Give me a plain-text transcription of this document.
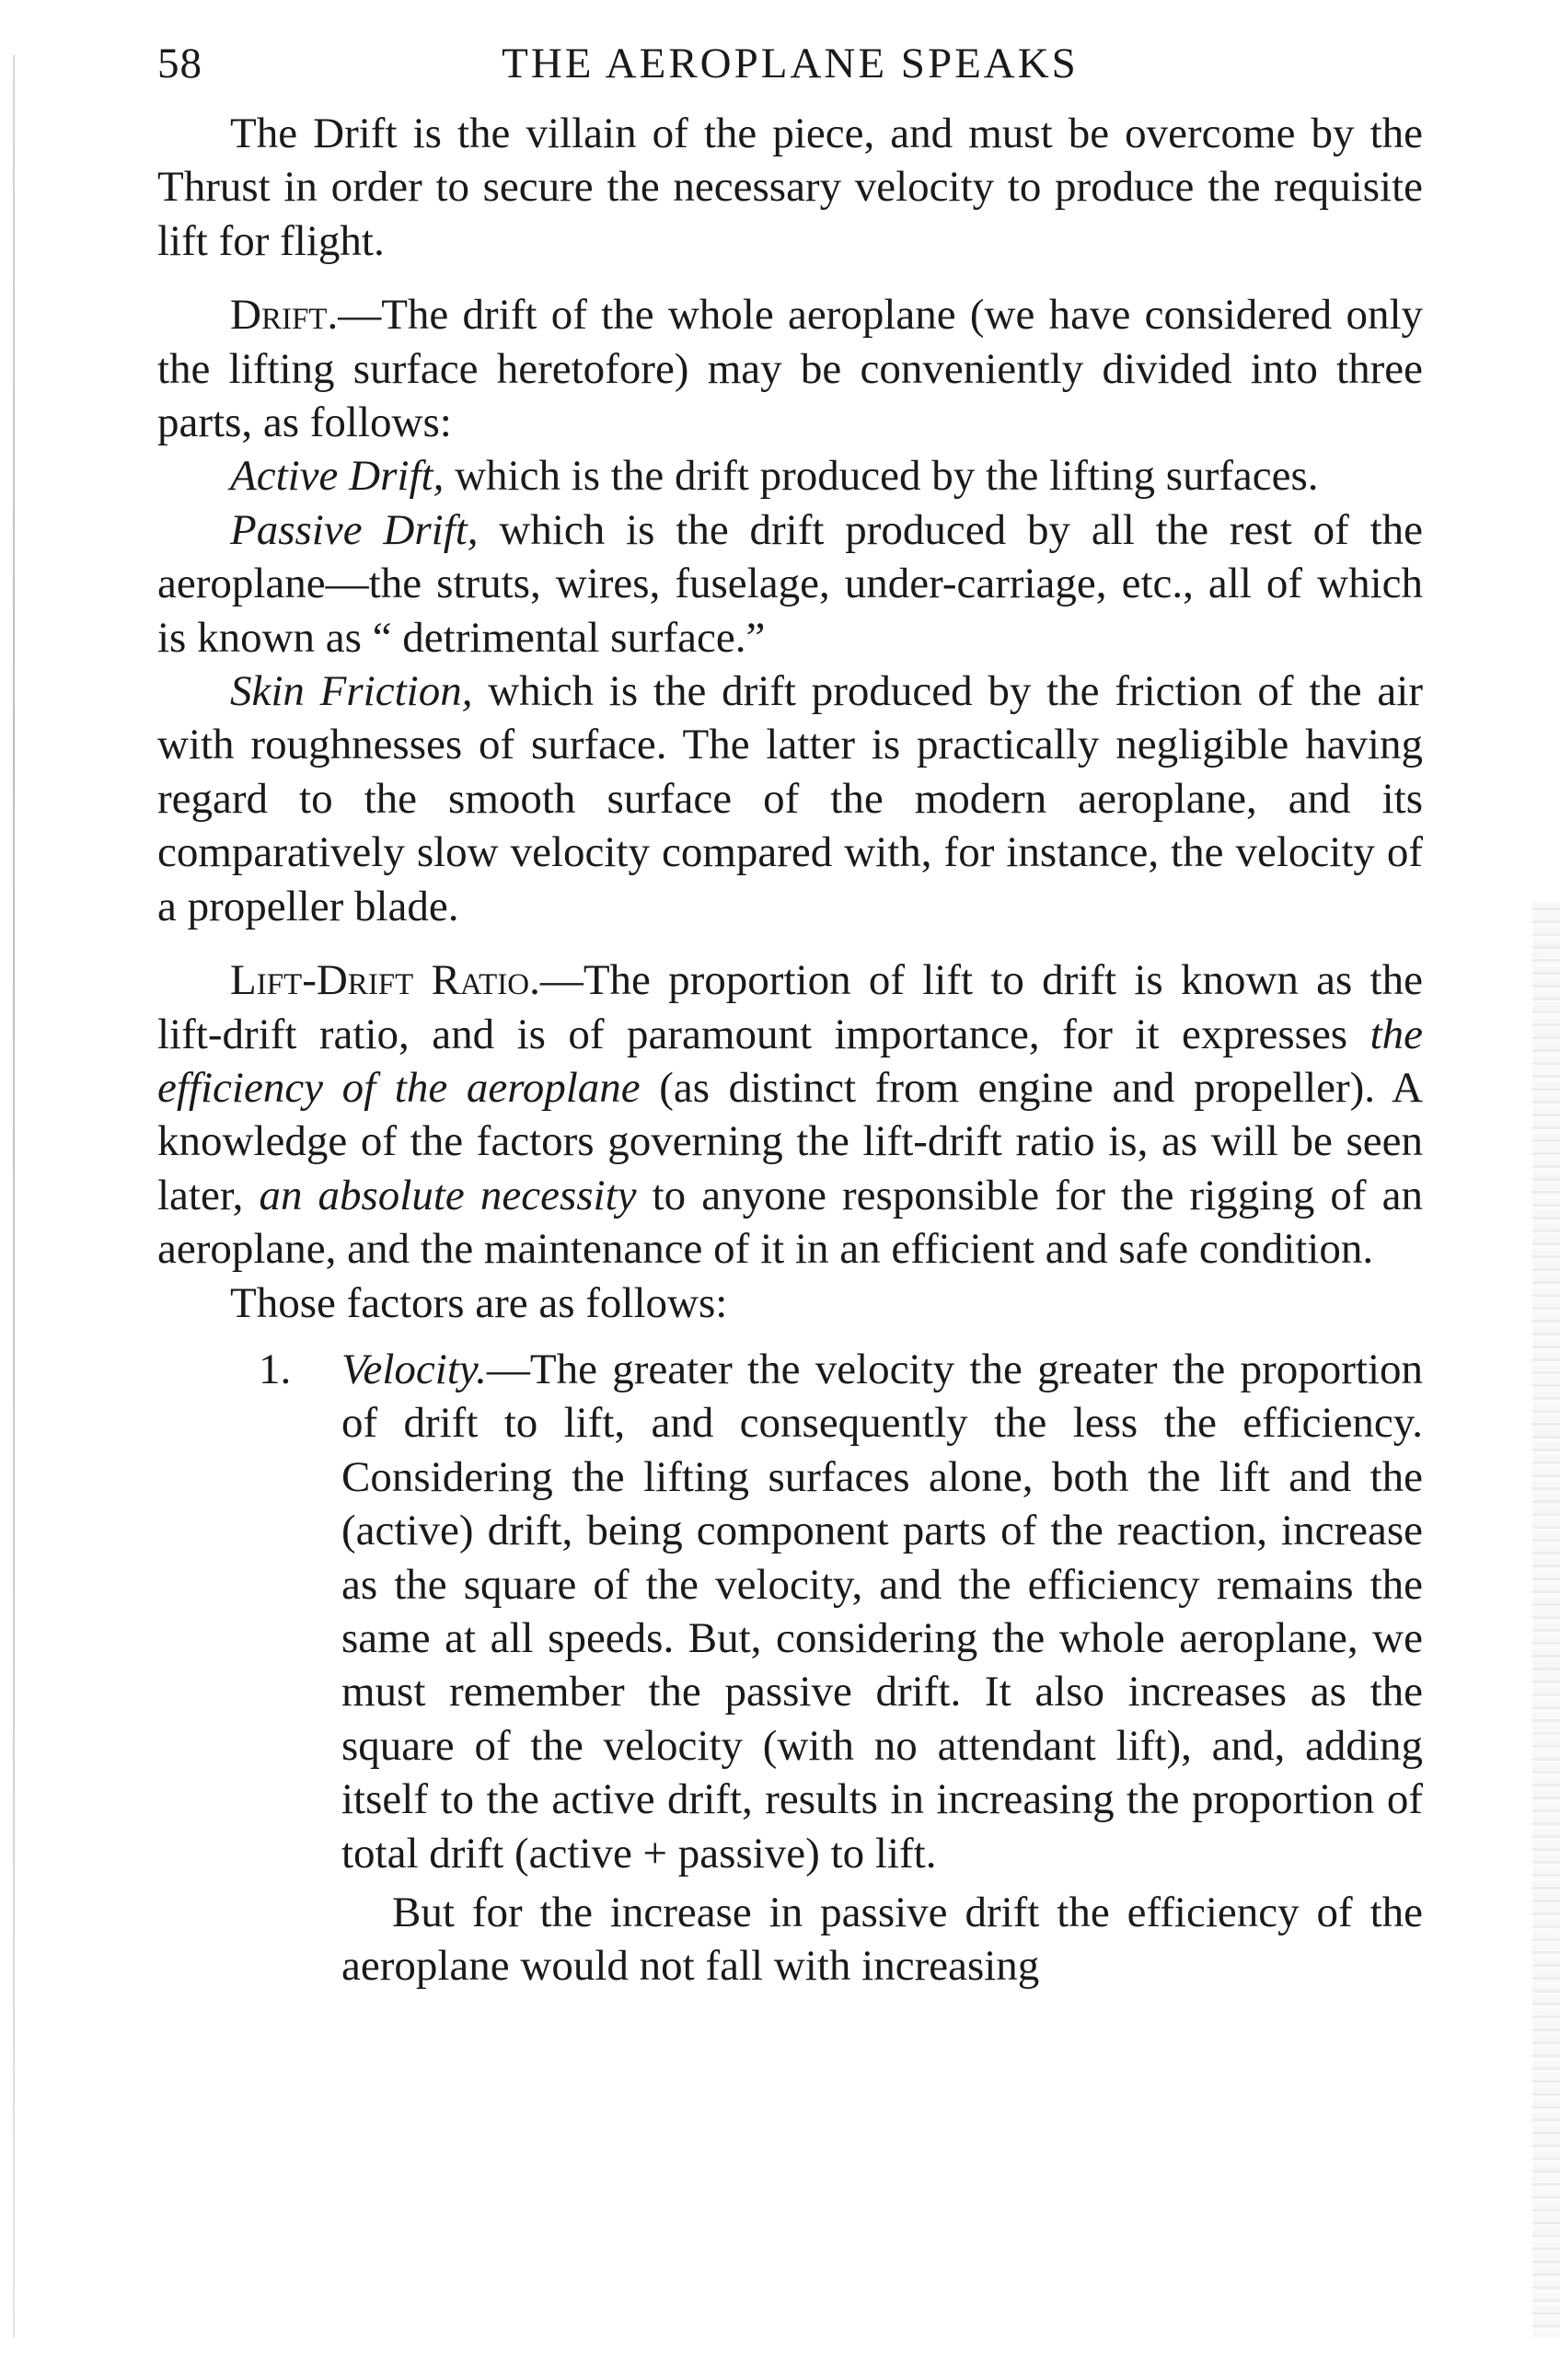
58	THE AEROPLANE SPEAKS

The Drift is the villain of the piece, and must be overcome by the Thrust in order to secure the necessary velocity to produce the requisite lift for flight.

Drift.—The drift of the whole aeroplane (we have considered only the lifting surface heretofore) may be conveniently divided into three parts, as follows:

Active Drift, which is the drift produced by the lifting surfaces.

Passive Drift, which is the drift produced by all the rest of the aeroplane—the struts, wires, fuselage, under-carriage, etc., all of which is known as “ detrimental surface.”

Skin Friction, which is the drift produced by the friction of the air with roughnesses of surface. The latter is practically negligible having regard to the smooth surface of the modern aeroplane, and its comparatively slow velocity compared with, for instance, the velocity of a propeller blade.

Lift-Drift Ratio.—The proportion of lift to drift is known as the lift-drift ratio, and is of paramount importance, for it expresses the efficiency of the aeroplane (as distinct from engine and propeller). A knowledge of the factors governing the lift-drift ratio is, as will be seen later, an absolute necessity to anyone responsible for the rigging of an aeroplane, and the maintenance of it in an efficient and safe condition.

Those factors are as follows:

1. Velocity.—The greater the velocity the greater the proportion of drift to lift, and consequently the less the efficiency. Considering the lifting surfaces alone, both the lift and the (active) drift, being component parts of the reaction, increase as the square of the velocity, and the efficiency remains the same at all speeds. But, considering the whole aeroplane, we must remember the passive drift. It also increases as the square of the velocity (with no attendant lift), and, adding itself to the active drift, results in increasing the proportion of total drift (active + passive) to lift.

But for the increase in passive drift the efficiency of the aeroplane would not fall with increasing
